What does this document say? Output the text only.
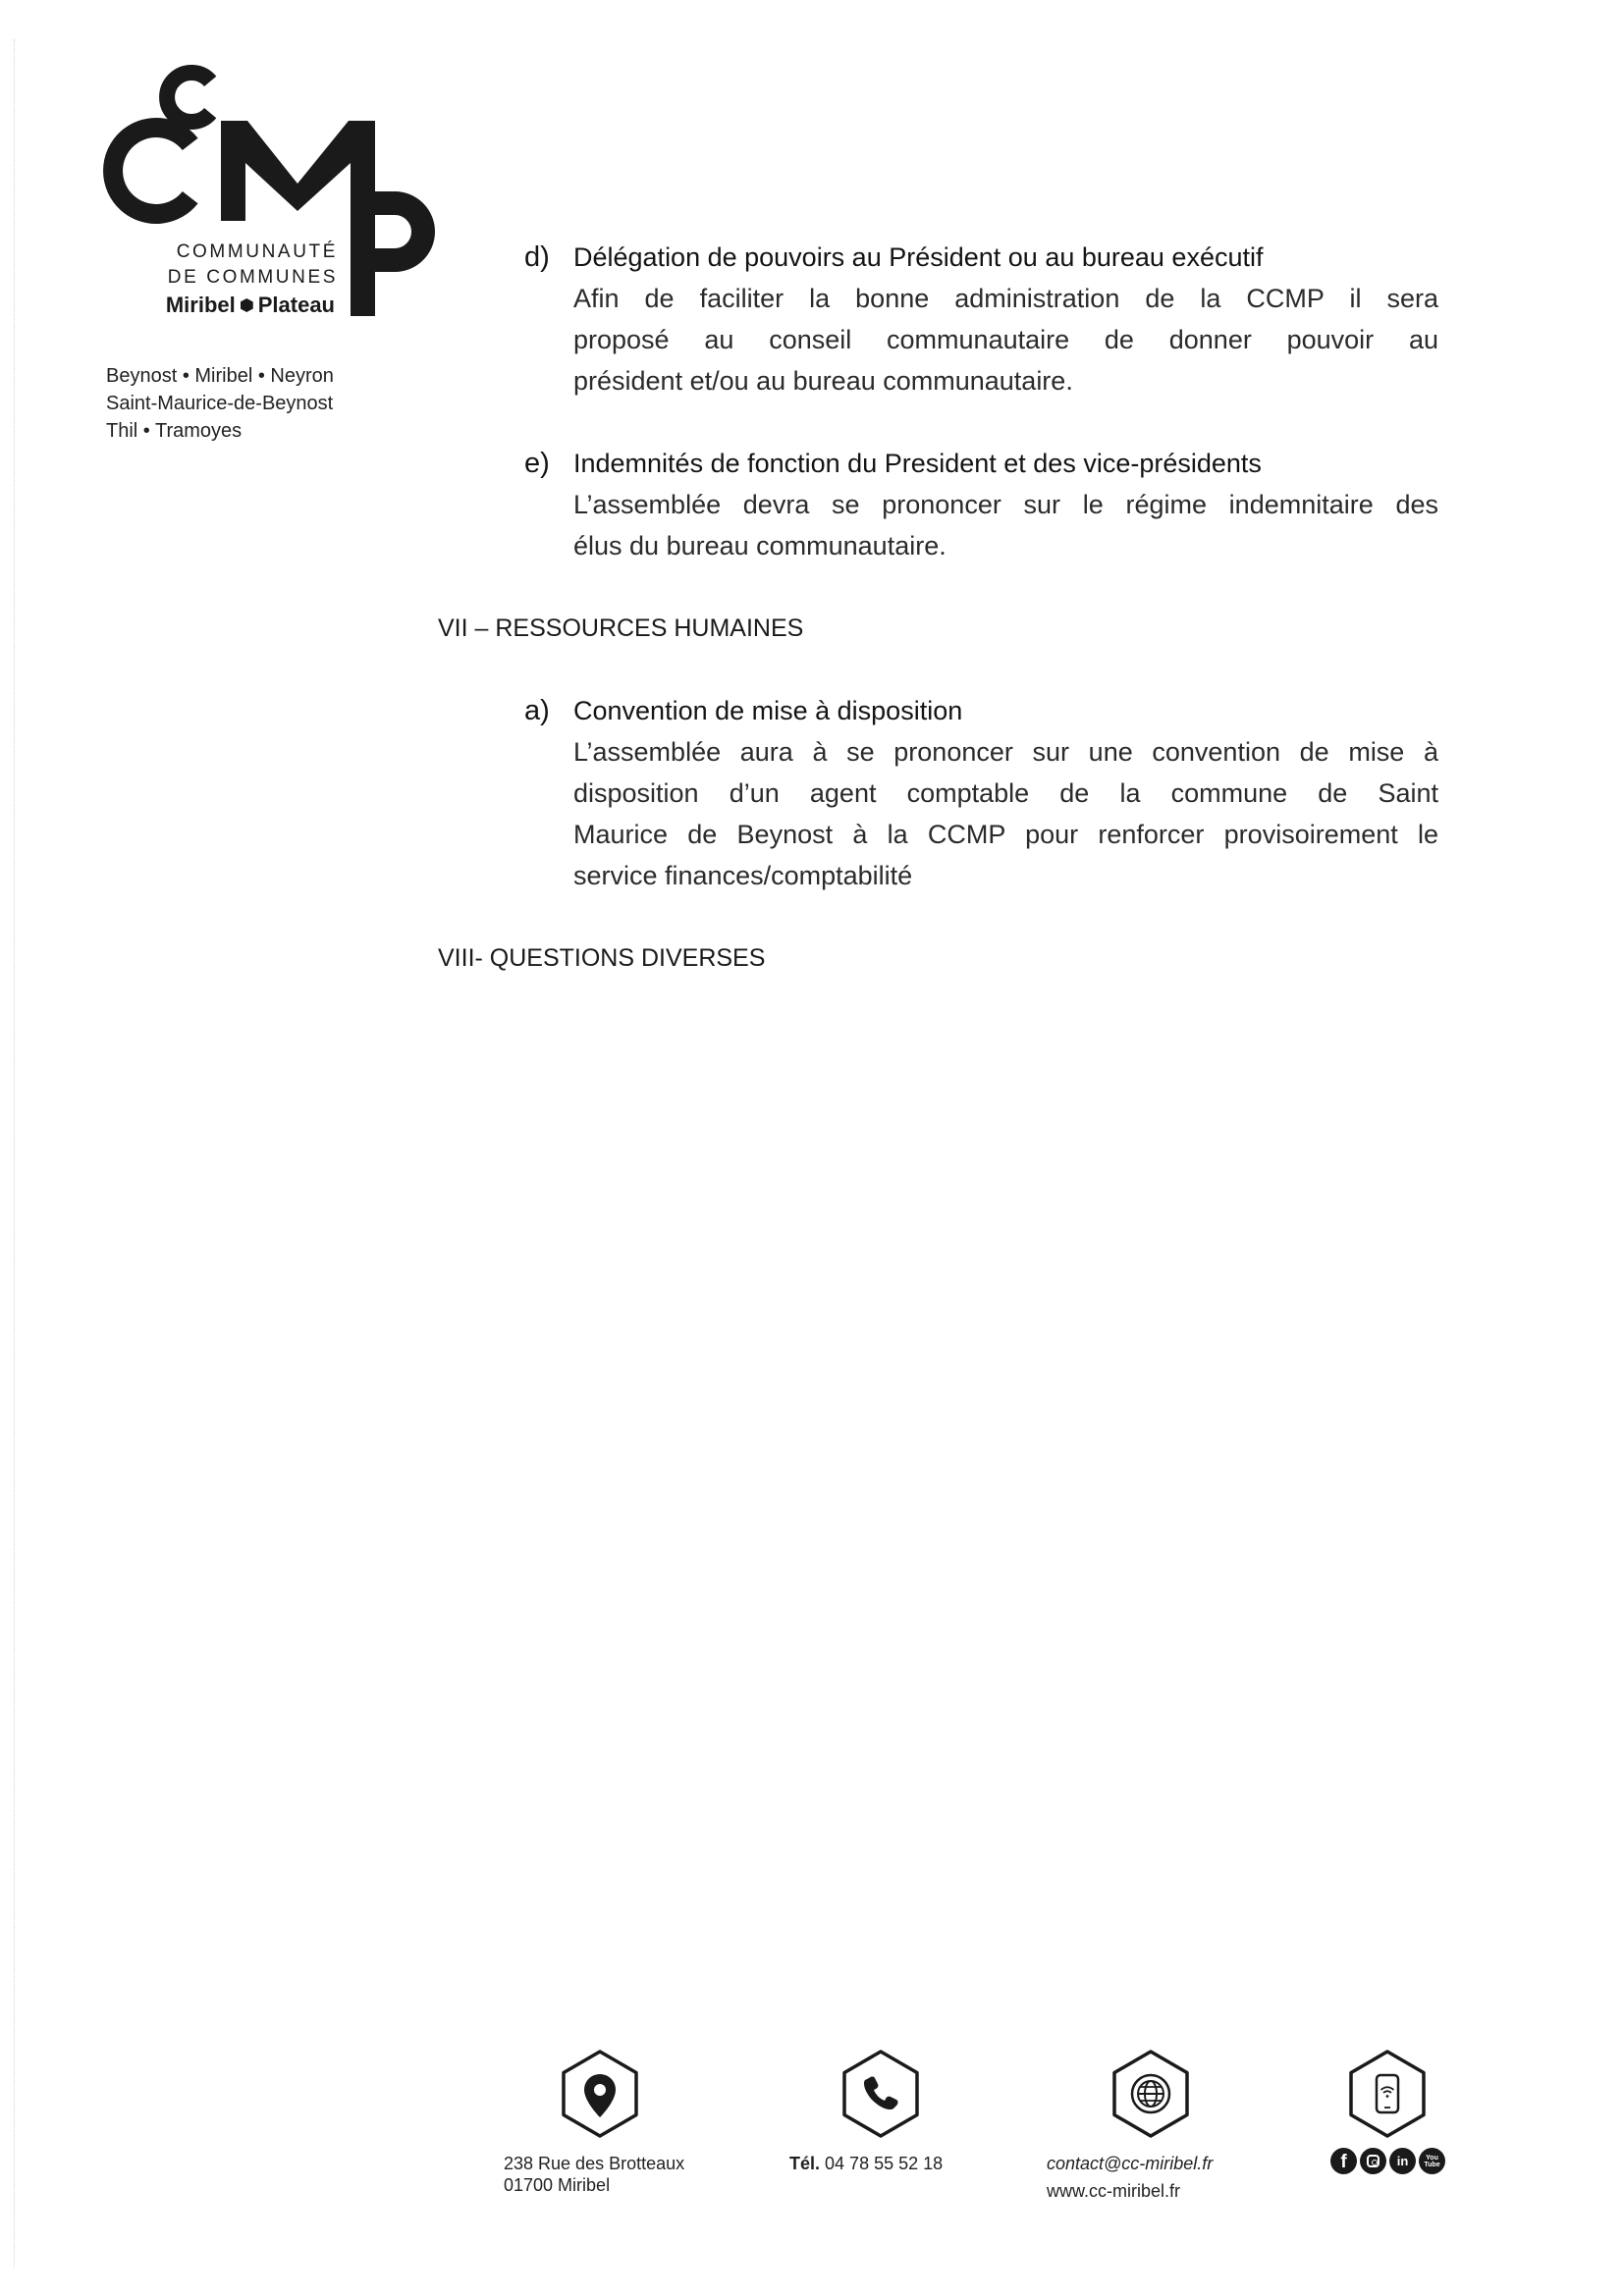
COMMUNAUTÉ
DE COMMUNES
Miribel Plateau
Beynost • Miribel • Neyron
Saint-Maurice-de-Beynost
Thil • Tramoyes
d) Délégation de pouvoirs au Président ou au bureau exécutif
Afin de faciliter la bonne administration de la CCMP il sera
proposé au conseil communautaire de donner pouvoir au
président et/ou au bureau communautaire.
e) Indemnités de fonction du President et des vice-présidents
L’assemblée devra se prononcer sur le régime indemnitaire des
élus du bureau communautaire.
VII – RESSOURCES HUMAINES
a) Convention de mise à disposition
L’assemblée aura à se prononcer sur une convention de mise à
disposition d’un agent comptable de la commune de Saint
Maurice de Beynost à la CCMP pour renforcer provisoirement le
service finances/comptabilité
VIII- QUESTIONS DIVERSES
238 Rue des Brotteaux
01700 Miribel
Tél. 04 78 55 52 18	contact@cc-miribel.fr
www.cc-miribel.fr
f	in	You
Tube
